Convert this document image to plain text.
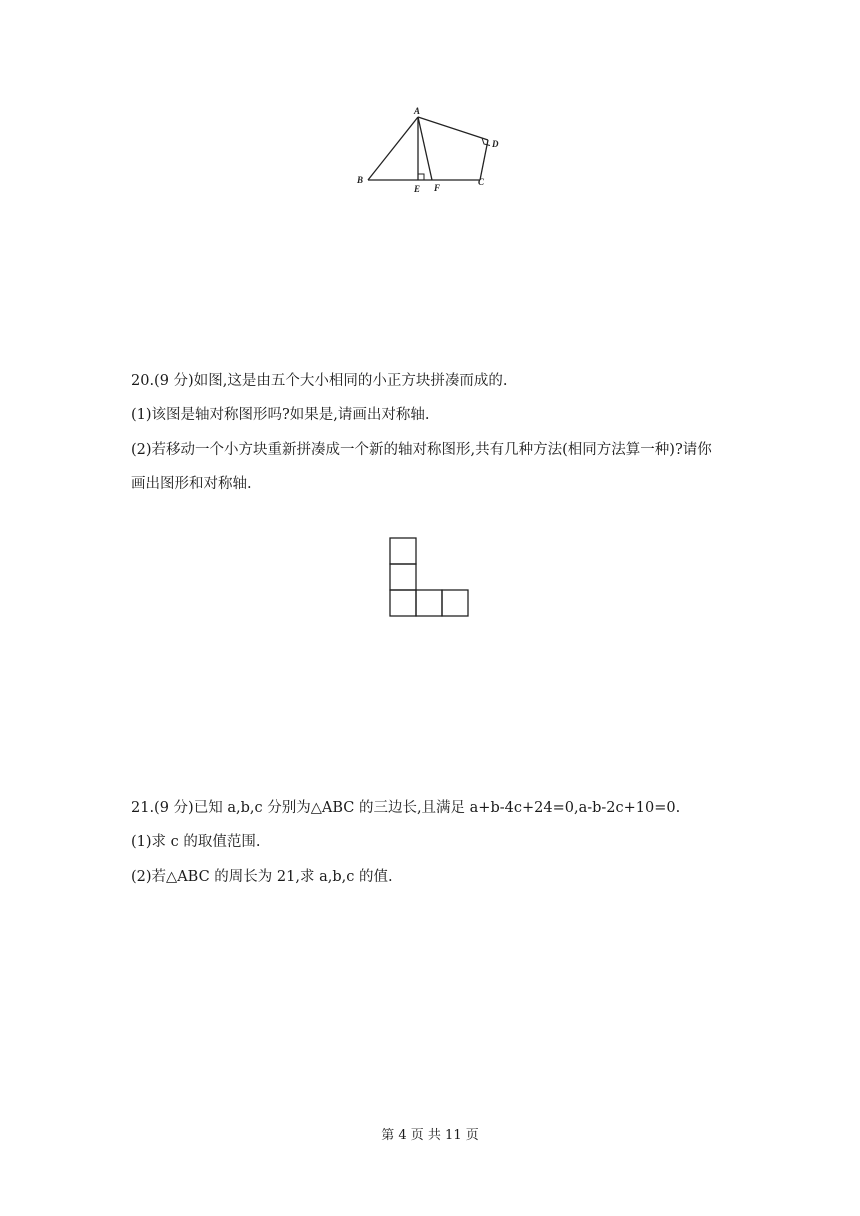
A
B
E F
C
D
20.(9 分)如图,这是由五个大小相同的小正方块拼凑而成的.
(1)该图是轴对称图形吗?如果是,请画出对称轴.
(2)若移动一个小方块重新拼凑成一个新的轴对称图形,共有几种方法(相同方法算一种)?请你
画出图形和对称轴.
21.(9 分)已知 a,b,c 分别为△ABC 的三边长,且满足 a+b-4c+24=0,a-b-2c+10=0.
(1)求 c 的取值范围.
(2)若△ABC 的周长为 21,求 a,b,c 的值.
第 4 页 共 11 页
